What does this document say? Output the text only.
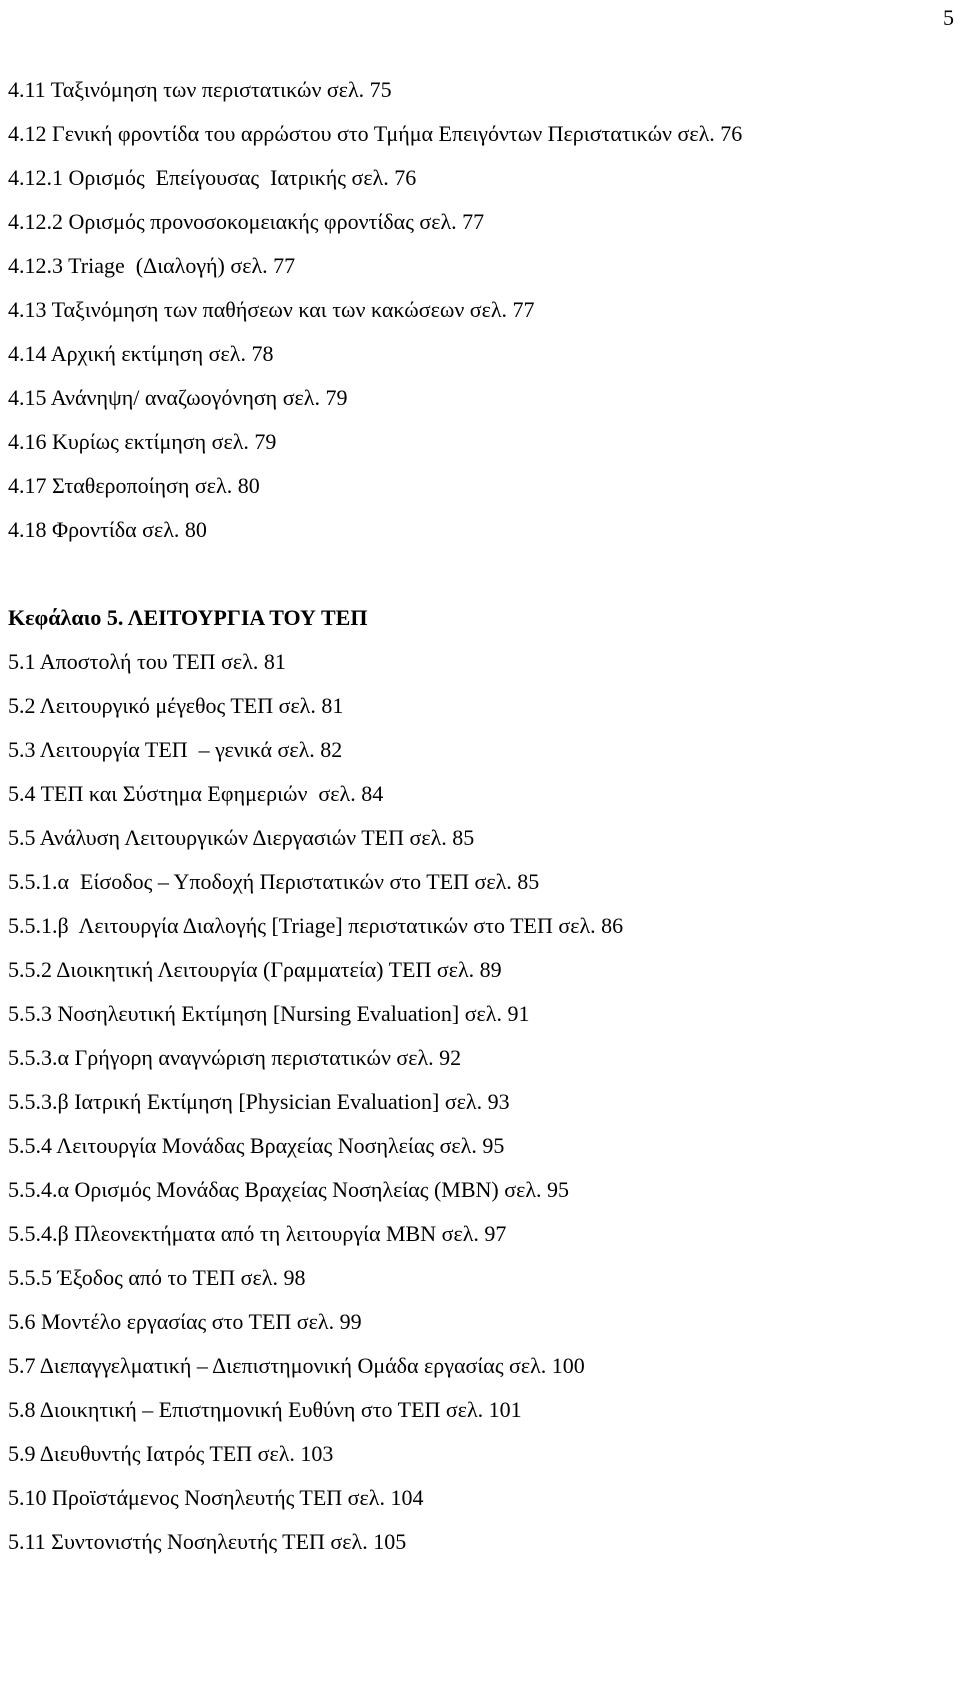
5
4.11 Ταξινόμηση των περιστατικών σελ. 75
4.12 Γενική φροντίδα του αρρώστου στο Τμήμα Επειγόντων Περιστατικών σελ. 76
4.12.1 Ορισμός  Επείγουσας  Ιατρικής σελ. 76
4.12.2 Ορισμός προνοσοκομειακής φροντίδας σελ. 77
4.12.3 Triage  (Διαλογή) σελ. 77
4.13 Ταξινόμηση των παθήσεων και των κακώσεων σελ. 77
4.14 Αρχική εκτίμηση σελ. 78
4.15 Ανάνηψη/ αναζωογόνηση σελ. 79
4.16 Κυρίως εκτίμηση σελ. 79
4.17 Σταθεροποίηση σελ. 80
4.18 Φροντίδα σελ. 80
Κεφάλαιο 5. ΛΕΙΤΟΥΡΓΙΑ ΤΟΥ ΤΕΠ
5.1 Αποστολή του ΤΕΠ σελ. 81
5.2 Λειτουργικό μέγεθος ΤΕΠ σελ. 81
5.3 Λειτουργία ΤΕΠ  – γενικά σελ. 82
5.4 ΤΕΠ και Σύστημα Εφημεριών  σελ. 84
5.5 Ανάλυση Λειτουργικών Διεργασιών ΤΕΠ σελ. 85
5.5.1.α  Είσοδος – Υποδοχή Περιστατικών στο ΤΕΠ σελ. 85
5.5.1.β  Λειτουργία Διαλογής [Triage] περιστατικών στο ΤΕΠ σελ. 86
5.5.2 Διοικητική Λειτουργία (Γραμματεία) ΤΕΠ σελ. 89
5.5.3 Νοσηλευτική Εκτίμηση [Nursing Evaluation] σελ. 91
5.5.3.α Γρήγορη αναγνώριση περιστατικών σελ. 92
5.5.3.β Ιατρική Εκτίμηση [Physician Evaluation] σελ. 93
5.5.4 Λειτουργία Μονάδας Βραχείας Νοσηλείας σελ. 95
5.5.4.α Ορισμός Μονάδας Βραχείας Νοσηλείας (ΜΒΝ) σελ. 95
5.5.4.β Πλεονεκτήματα από τη λειτουργία ΜΒΝ σελ. 97
5.5.5 Έξοδος από το ΤΕΠ σελ. 98
5.6 Μοντέλο εργασίας στο ΤΕΠ σελ. 99
5.7 Διεπαγγελματική – Διεπιστημονική Ομάδα εργασίας σελ. 100
5.8 Διοικητική – Επιστημονική Ευθύνη στο ΤΕΠ σελ. 101
5.9 Διευθυντής Ιατρός ΤΕΠ σελ. 103
5.10 Προϊστάμενος Νοσηλευτής ΤΕΠ σελ. 104
5.11 Συντονιστής Νοσηλευτής ΤΕΠ σελ. 105
